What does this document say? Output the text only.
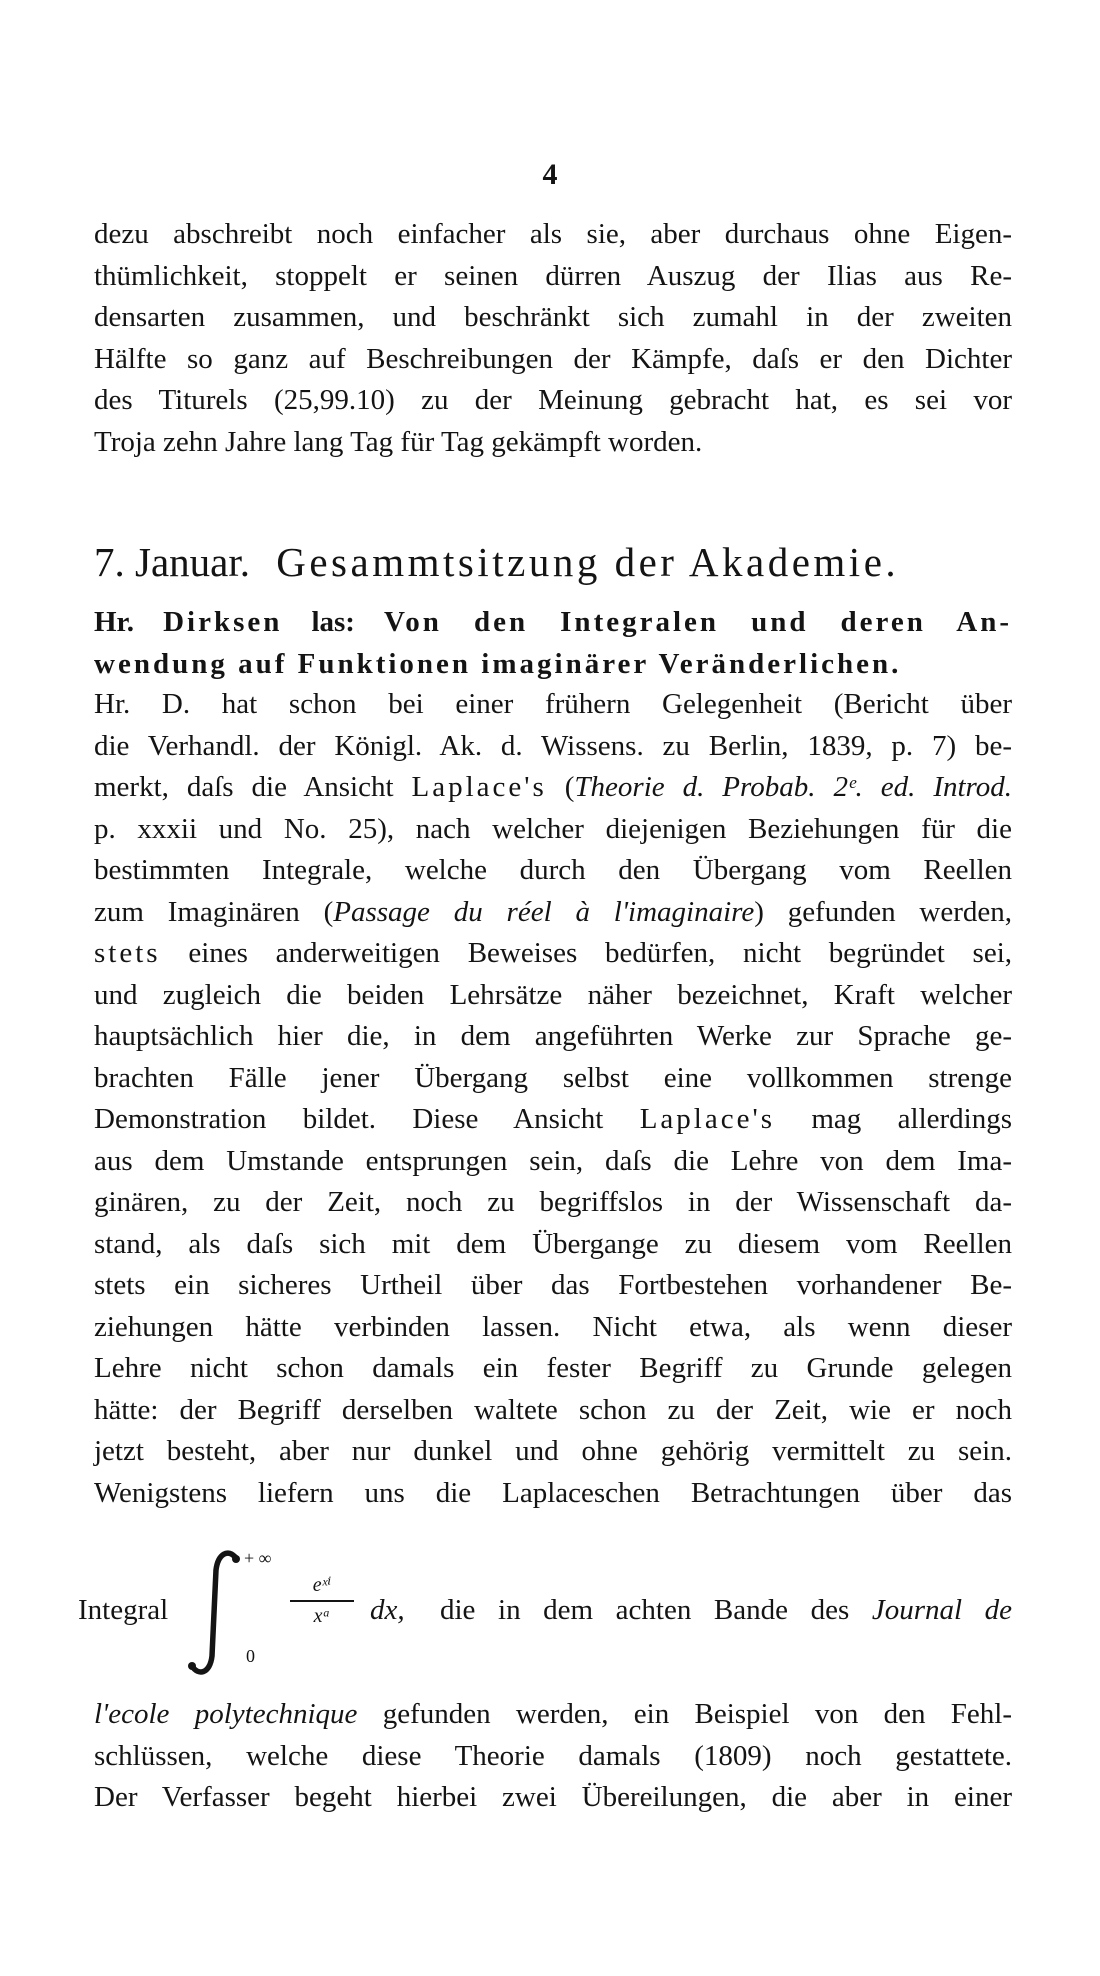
4
dezu abschreibt noch einfacher als sie, aber durchaus ohne Eigen-
thümlichkeit, stoppelt er seinen dürren Auszug der Ilias aus Re-
densarten zusammen, und beschränkt sich zumahl in der zweiten
Hälfte so ganz auf Beschreibungen der Kämpfe, daſs er den Dichter
des Titurels (25,99.10) zu der Meinung gebracht hat, es sei vor
Troja zehn Jahre lang Tag für Tag gekämpft worden.
7. Januar. Gesammtsitzung der Akademie.
Hr. Dirksen las: Von den Integralen und deren An-
wendung auf Funktionen imaginärer Veränderlichen.
Hr. D. hat schon bei einer frühern Gelegenheit (Bericht über
die Verhandl. der Königl. Ak. d. Wissens. zu Berlin, 1839, p. 7) be-
merkt, daſs die Ansicht Laplace's (Theorie d. Probab. 2ᵉ. ed. Introd.
p. xxxii und No. 25), nach welcher diejenigen Beziehungen für die
bestimmten Integrale, welche durch den Übergang vom Reellen
zum Imaginären (Passage du réel à l'imaginaire) gefunden werden,
stets eines anderweitigen Beweises bedürfen, nicht begründet sei,
und zugleich die beiden Lehrsätze näher bezeichnet, Kraft welcher
hauptsächlich hier die, in dem angeführten Werke zur Sprache ge-
brachten Fälle jener Übergang selbst eine vollkommen strenge
Demonstration bildet. Diese Ansicht Laplace's mag allerdings
aus dem Umstande entsprungen sein, daſs die Lehre von dem Ima-
ginären, zu der Zeit, noch zu begriffslos in der Wissenschaft da-
stand, als daſs sich mit dem Übergange zu diesem vom Reellen
stets ein sicheres Urtheil über das Fortbestehen vorhandener Be-
ziehungen hätte verbinden lassen. Nicht etwa, als wenn dieser
Lehre nicht schon damals ein fester Begriff zu Grunde gelegen
hätte: der Begriff derselben waltete schon zu der Zeit, wie er noch
jetzt besteht, aber nur dunkel und ohne gehörig vermittelt zu sein.
Wenigstens liefern uns die Laplaceschen Betrachtungen über das
Integral
+ ∞
0
eˣⁱ
xᵃ	dx, die in dem achten Bande des Journal de
l'ecole polytechnique gefunden werden, ein Beispiel von den Fehl-
schlüssen, welche diese Theorie damals (1809) noch gestattete.
Der Verfasser begeht hierbei zwei Übereilungen, die aber in einer
